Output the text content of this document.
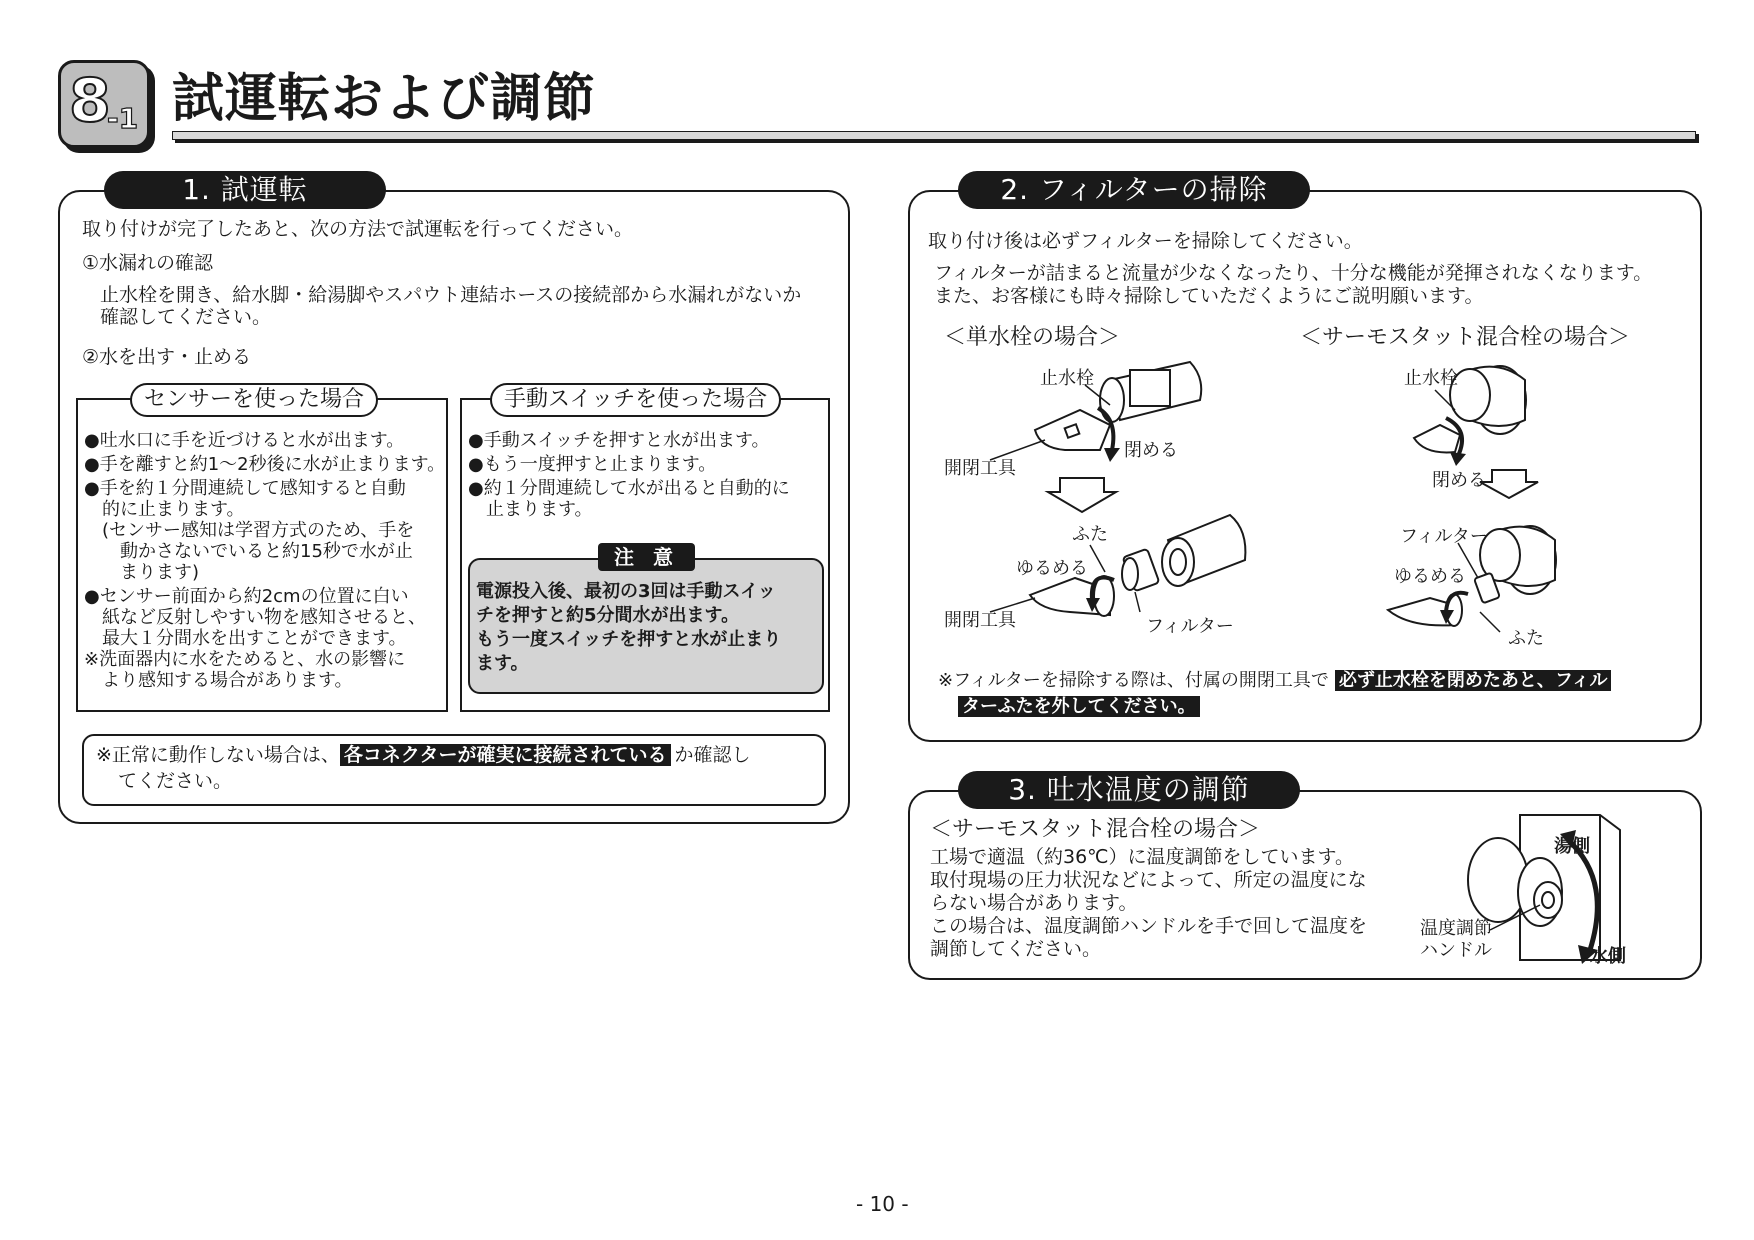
8
-1 試運転および調節
1. 試運転
取り付けが完了したあと、次の方法で試運転を行ってください。
①水漏れの確認
止水栓を開き、給水脚・給湯脚やスパウト連結ホースの接続部から水漏れがないか
確認してください。
②水を出す・止める
センサーを使った場合
●吐水口に手を近づけると水が出ます。
●手を離すと約1～2秒後に水が止まります。
●手を約１分間連続して感知すると自動
　的に止まります。
　(センサー感知は学習方式のため、手を
　　動かさないでいると約15秒で水が止
　　まります)
●センサー前面から約2cmの位置に白い
　紙など反射しやすい物を感知させると、
　最大１分間水を出すことができます。
※洗面器内に水をためると、水の影響に
　より感知する場合があります。
手動スイッチを使った場合
●手動スイッチを押すと水が出ます。
●もう一度押すと止まります。
●約１分間連続して水が出ると自動的に
　止まります。
注 意
電源投入後、最初の3回は手動スイッ
チを押すと約5分間水が出ます。
もう一度スイッチを押すと水が止まり
ます。
※正常に動作しない場合は、 各コネクターが確実に接続されている か確認し
てください。
2. フィルターの掃除
取り付け後は必ずフィルターを掃除してください。
フィルターが詰まると流量が少なくなったり、十分な機能が発揮されなくなります。
また、お客様にも時々掃除していただくようにご説明願います。
＜単水栓の場合＞	＜サーモスタット混合栓の場合＞
止水栓
閉める
開閉工具
ふた
ゆるめる
開閉工具	フィルター
止水栓
閉める
フィルター
ゆるめる
ふた
※フィルターを掃除する際は、付属の開閉工具で 必ず止水栓を閉めたあと、フィル
ターふたを外してください。
3. 吐水温度の調節
＜サーモスタット混合栓の場合＞
工場で適温（約36℃）に温度調節をしています。
取付現場の圧力状況などによって、所定の温度にな
らない場合があります。
この場合は、温度調節ハンドルを手で回して温度を
調節してください。
湯側
温度調節
ハンドル	水側
- 10 -
